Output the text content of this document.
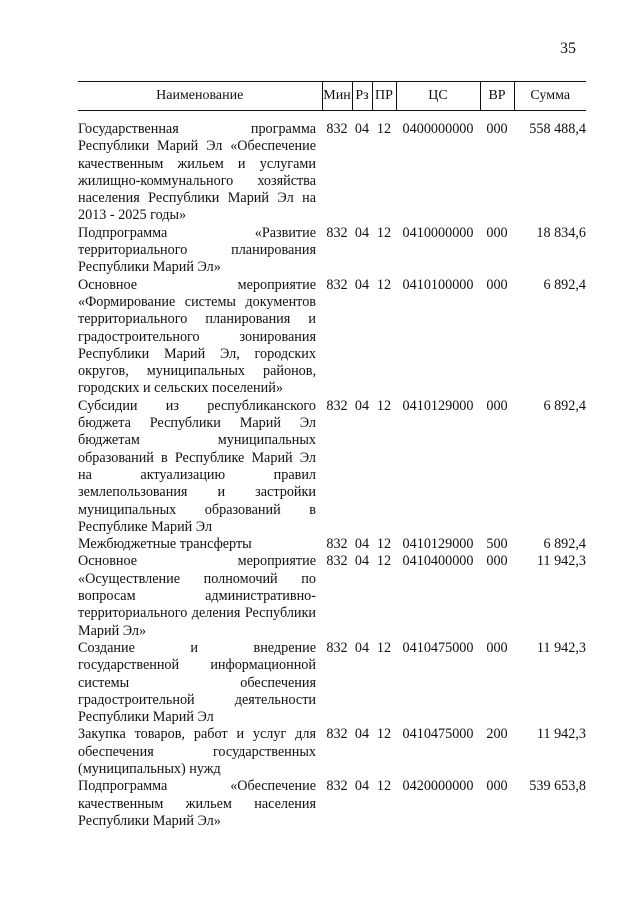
35
Наименование	Мин	Рз	ПР	ЦС	ВР	Сумма

Государственная программа Республики Марий Эл «Обеспечение качественным жильем и услугами жилищно-коммунального хозяйства населения Республики Марий Эл на 2013 - 2025 годы»	832	04	12	0400000000	000	558 488,4
Подпрограмма «Развитие территориального планирования Республики Марий Эл»	832	04	12	0410000000	000	18 834,6
Основное мероприятие «Формирование системы документов территориального планирования и градостроительного зонирования Республики Марий Эл, городских округов, муниципальных районов, городских и сельских поселений»	832	04	12	0410100000	000	6 892,4
Субсидии из республиканского бюджета Республики Марий Эл бюджетам муниципальных образований в Республике Марий Эл на актуализацию правил землепользования и застройки муниципальных образований в Республике Марий Эл	832	04	12	0410129000	000	6 892,4
Межбюджетные трансферты	832	04	12	0410129000	500	6 892,4
Основное мероприятие «Осуществление полномочий по вопросам административно-территориального деления Республики Марий Эл»	832	04	12	0410400000	000	11 942,3
Создание и внедрение государственной информационной системы обеспечения градостроительной деятельности Республики Марий Эл	832	04	12	0410475000	000	11 942,3
Закупка товаров, работ и услуг для обеспечения государственных (муниципальных) нужд	832	04	12	0410475000	200	11 942,3
Подпрограмма «Обеспечение качественным жильем населения Республики Марий Эл»	832	04	12	0420000000	000	539 653,8
